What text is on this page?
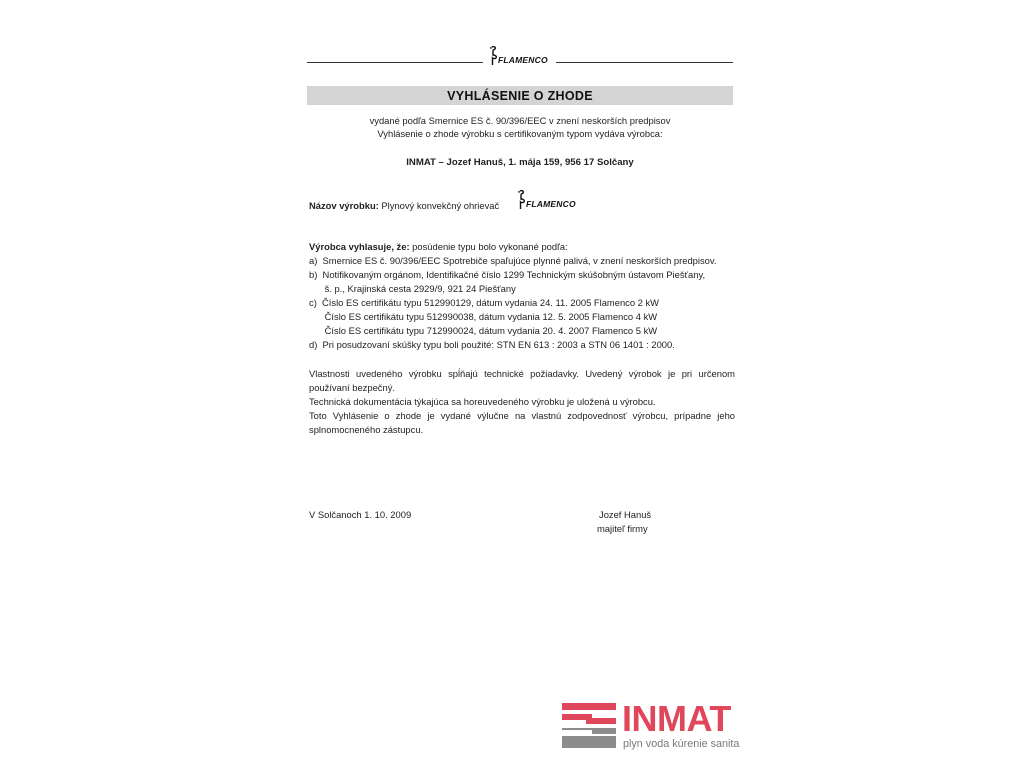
FLAMENCO
VYHLÁSENIE O ZHODE
vydané podľa Smernice ES č. 90/396/EEC v znení neskorších predpisov
Vyhlásenie o zhode výrobku s certifikovaným typom vydáva výrobca:
INMAT – Jozef Hanuš, 1. mája 159, 956 17 Solčany
Názov výrobku: Plynový konvekčný ohrievač	FLAMENCO
Výrobca vyhlasuje, že: posúdenie typu bolo vykonané podľa:
a)  Smernice ES č. 90/396/EEC Spotrebiče spaľujúce plynné palivá, v znení neskorších predpisov.
b)  Notifikovaným orgánom, Identifikačné číslo 1299 Technickým skúšobným ústavom Piešťany,
š. p., Krajinská cesta 2929/9, 921 24 Piešťany
c)  Číslo ES certifikátu typu 512990129, dátum vydania 24. 11. 2005 Flamenco 2 kW
Číslo ES certifikátu typu 512990038, dátum vydania 12. 5. 2005 Flamenco 4 kW
Číslo ES certifikátu typu 712990024, dátum vydania 20. 4. 2007 Flamenco 5 kW
d)  Pri posudzovaní skúšky typu boli použité: STN EN 613 : 2003 a STN 06 1401 : 2000.
Vlastnosti uvedeného výrobku spĺňajú technické požiadavky. Uvedený výrobok je pri určenom
používaní bezpečný.
Technická dokumentácia týkajúca sa horeuvedeného výrobku je uložená u výrobcu.
Toto Vyhlásenie o zhode je vydané výlučne na vlastnú zodpovednosť výrobcu, prípadne jeho
splnomocneného zástupcu.
V Solčanoch 1. 10. 2009	Jozef Hanuš
majiteľ firmy
INMAT
plyn voda kúrenie sanita
